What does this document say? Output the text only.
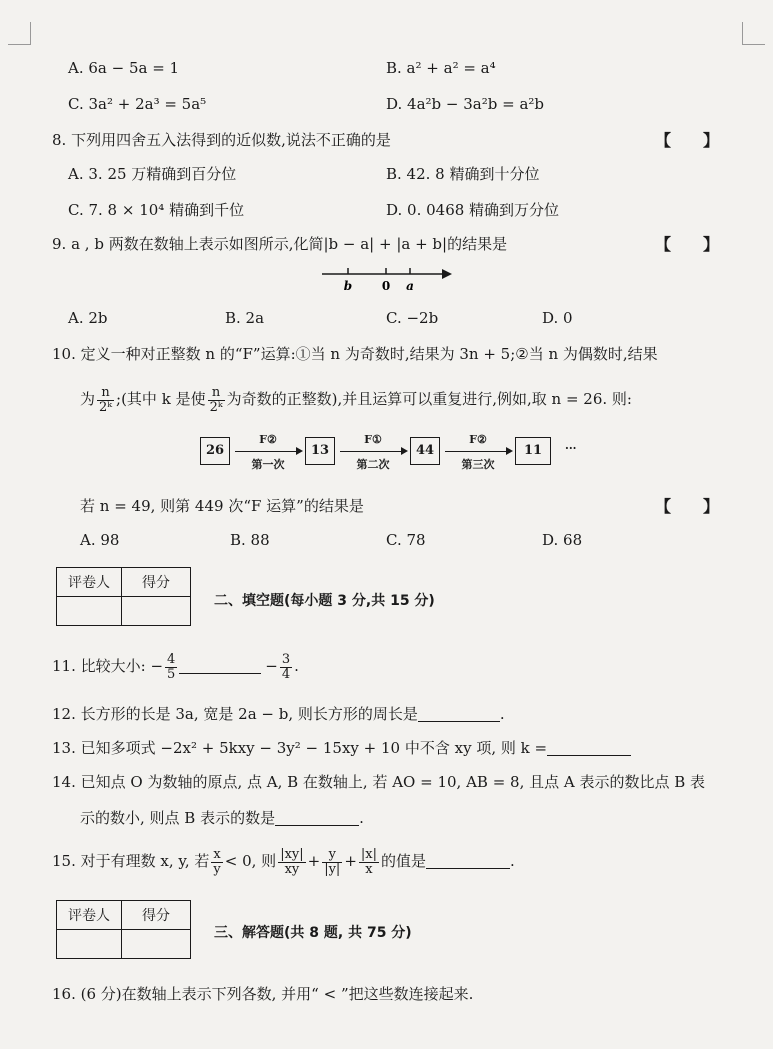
A. 6a − 5a = 1	B. a² + a² = a⁴
C. 3a² + 2a³ = 5a⁵	D. 4a²b − 3a²b = a²b
8. 下列用四舍五入法得到的近似数,说法不正确的是	【　　】
A. 3. 25 万精确到百分位	B. 42. 8 精确到十分位
C. 7. 8 × 10⁴ 精确到千位	D. 0. 0468 精确到万分位
9. a , b 两数在数轴上表示如图所示,化简|b − a| + |a + b|的结果是	【　　】
b 0 a
A. 2b	B. 2a	C. −2b	D. 0
10. 定义一种对正整数 n 的“F”运算:①当 n 为奇数时,结果为 3n + 5;②当 n 为偶数时,结果
为 $\frac{n}{\text{2ᵏ}}$ ;(其中 k 是使 $\frac{n}{\text{2ᵏ}}$ 为奇数的正整数),并且运算可以重复进行,例如,取 n = 26. 则:
26
F②
第一次
13
F①
第二次
44
F②
第三次
11	···
若 n = 49, 则第 449 次“F 运算”的结果是	【　　】
A. 98	B. 88	C. 78	D. 68
评卷人	得分

二、填空题(每小题 3 分,共 15 分)
11. 比较大小: − $\frac{4}{5}$	− $\frac{3}{4}$ .
12. 长方形的长是 3a, 宽是 2a − b, 则长方形的周长是	.
13. 已知多项式 −2x² + 5kxy − 3y² − 15xy + 10 中不含 xy 项, 则 k =
14. 已知点 O 为数轴的原点, 点 A, B 在数轴上, 若 AO = 10, AB = 8, 且点 A 表示的数比点 B 表
示的数小, 则点 B 表示的数是	.
15. 对于有理数 x, y, 若 $\frac{x}{y} < 0$, 则 $\frac{|xy|}{xy} + \frac{y}{|y|} + \frac{|x|}{x}$ 的值是	.
评卷人	得分

三、解答题(共 8 题, 共 75 分)
16. (6 分)在数轴上表示下列各数, 并用“ < ”把这些数连接起来.
